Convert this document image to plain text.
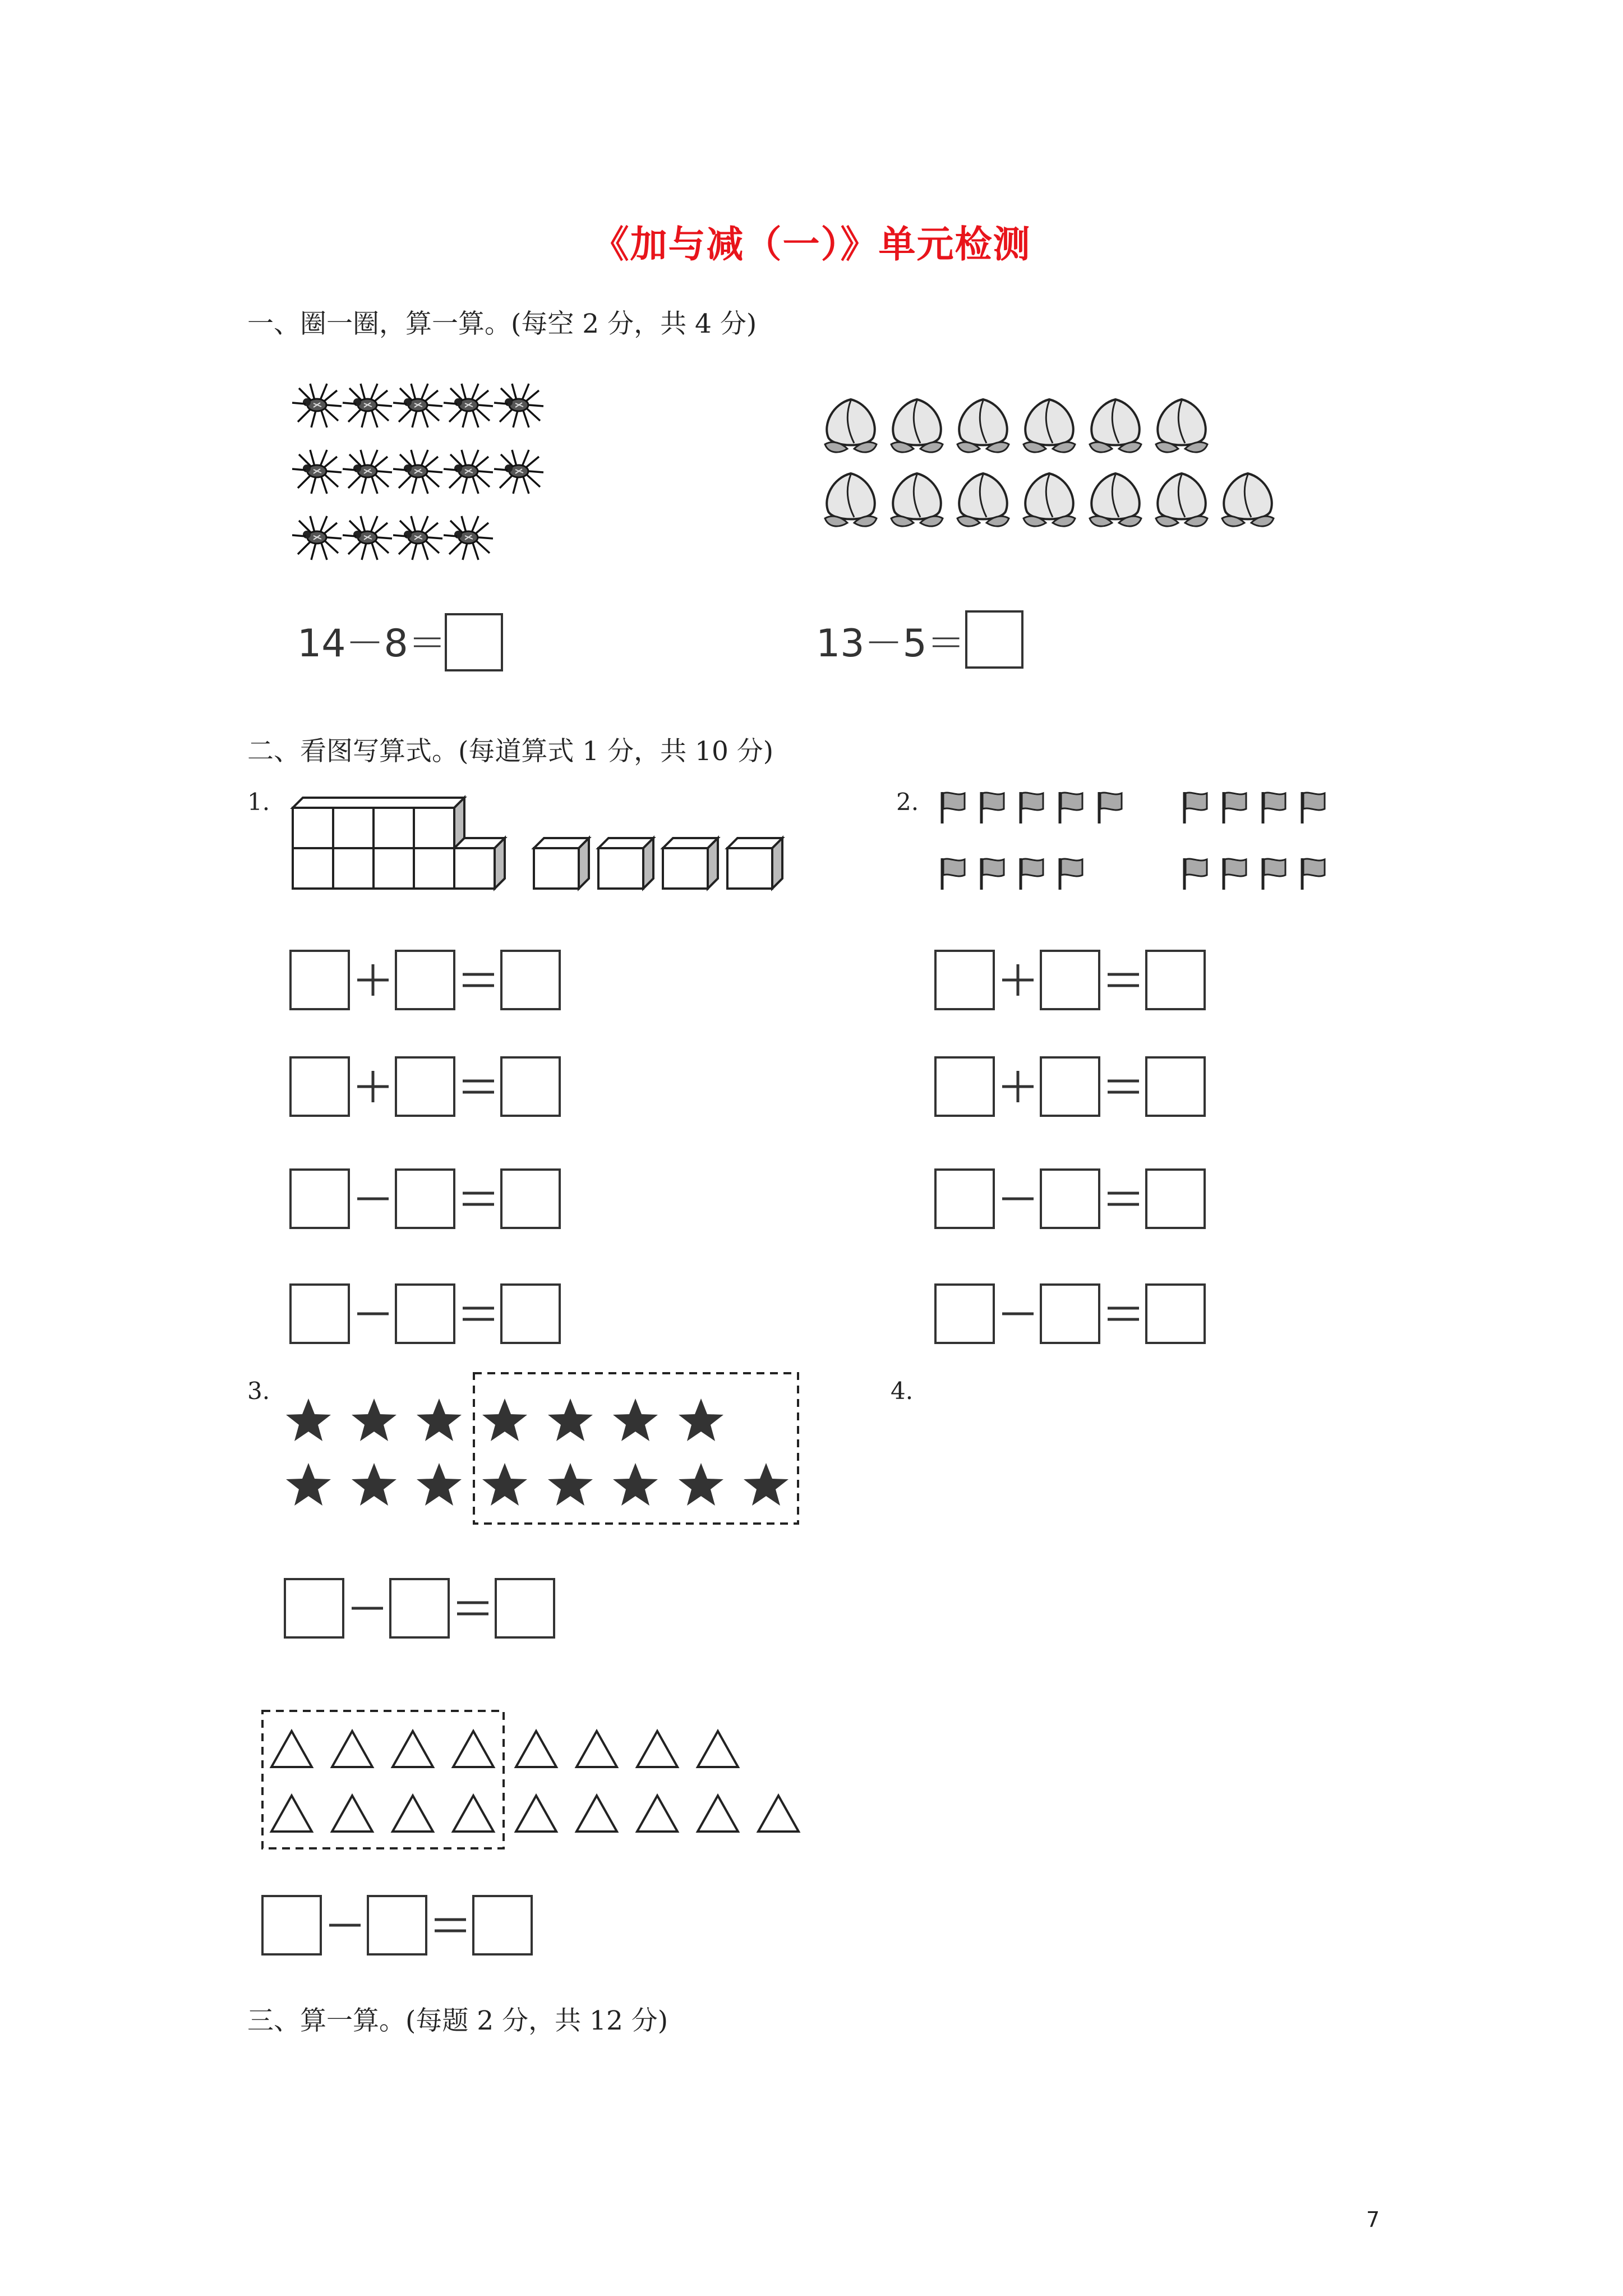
《加与减（一）》单元检测
一、圈一圈，算一算。(每空 2 分，共 4 分)
二、看图写算式。(每道算式 1 分，共 10 分)
三、算一算。(每题 2 分，共 12 分)
1.	2.
3.	4.
7
14－8＝	13－5＝
